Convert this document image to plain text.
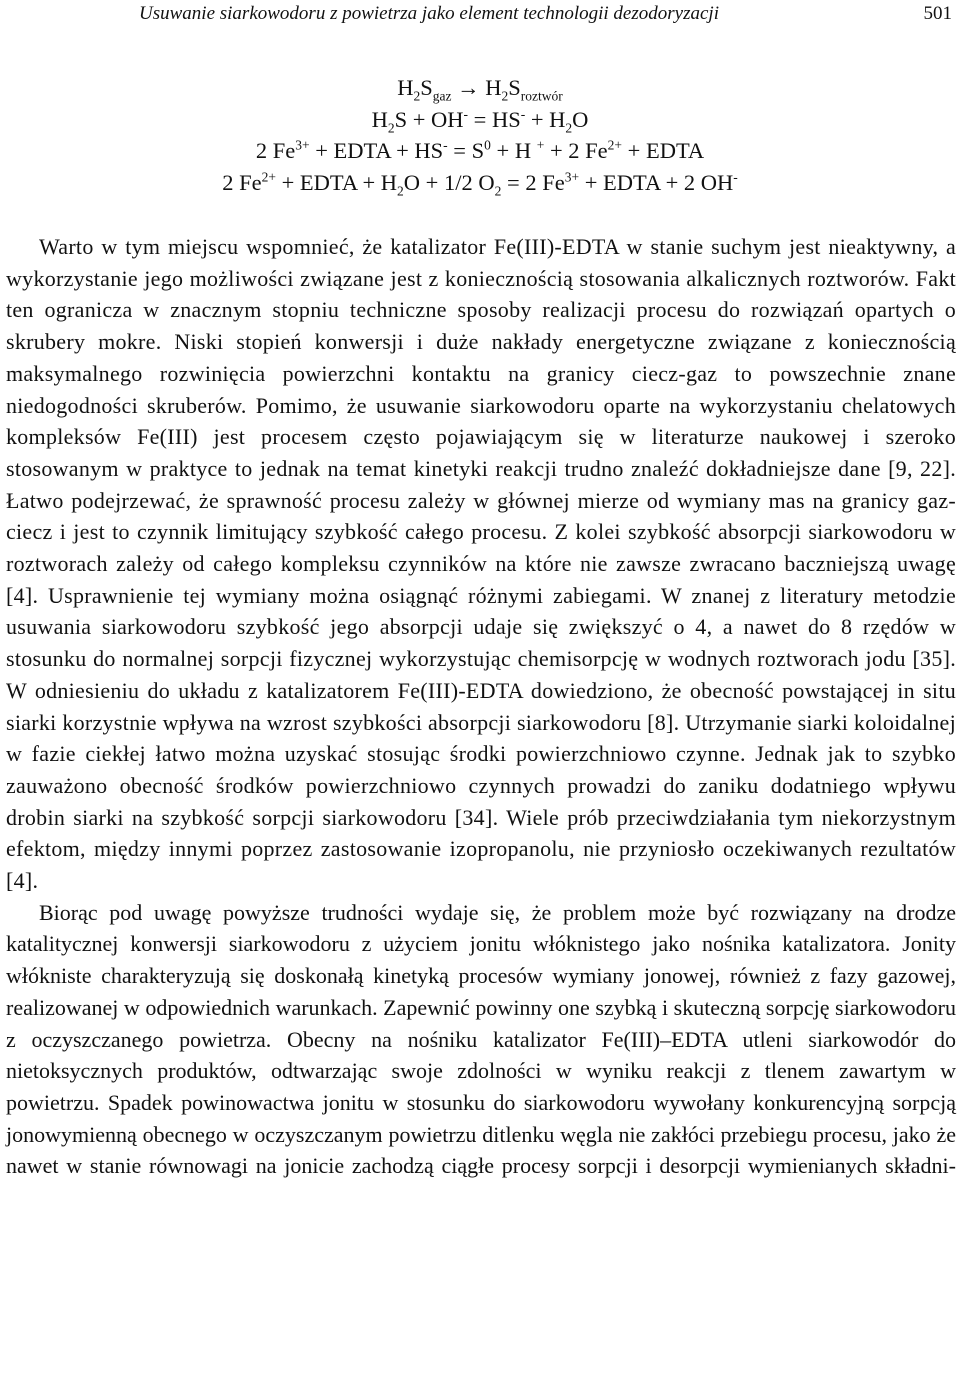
Usuwanie siarkowodoru z powietrza jako element technologii dezodoryzacji	501
$H_2S_{gaz} \to H_2S_{roztwór}$
$H_2S + OH^- = HS^- + H_2O$
2 $Fe^{3+}$ + EDTA + $HS^- = S^0 + H$ + + 2 $Fe^{2+}$ + EDTA
2 $Fe^{2+}$ + EDTA + $H_2O + 1/2$ $O_2 = 2$ $Fe^{3+}$ + EDTA + 2 OH-

Warto w tym miejscu wspomnieć, że katalizator Fe(III)-EDTA w stanie suchym jest nieaktywny, a wykorzystanie jego możliwości związane jest z koniecznością stosowania alkalicznych roztworów. Fakt ten ogranicza w znacznym stopniu techniczne sposoby realizacji procesu do rozwiązań opartych o skrubery mokre. Niski stopień konwersji i duże nakłady energetyczne związane z koniecznością maksymalnego rozwinięcia powierzchni kontaktu na granicy ciecz-gaz to powszechnie znane niedogodności skruberów. Pomimo, że usuwanie siarkowodoru oparte na wykorzystaniu chelatowych kompleksów Fe(III) jest procesem często pojawiającym się w literaturze naukowej i szeroko stosowanym w praktyce to jednak na temat kinetyki reakcji trudno znaleźć dokładniejsze dane [9, 22]. Łatwo podejrzewać, że sprawność procesu zależy w głównej mierze od wymiany mas na granicy gaz-ciecz i jest to czynnik limitujący szybkość całego procesu. Z kolei szybkość absorpcji siarkowodoru w roztworach zależy od całego kompleksu czynników na które nie zawsze zwracano baczniejszą uwagę [4]. Usprawnienie tej wymiany można osiągnąć różnymi zabiegami. W znanej z literatury metodzie usuwania siarkowodoru szybkość jego absorpcji udaje się zwiększyć o 4, a nawet do 8 rzędów w stosunku do normalnej sorpcji fizycznej wykorzystując chemisorpcję w wodnych roztworach jodu [35]. W odniesieniu do układu z katalizatorem Fe(III)-EDTA dowiedziono, że obecność powstającej in situ siarki korzystnie wpływa na wzrost szybkości absorpcji siarkowodoru [8]. Utrzymanie siarki koloidalnej w fazie ciekłej łatwo można uzyskać stosując środki powierzchniowo czynne. Jednak jak to szybko zauważono obecność środków powierzchniowo czynnych prowadzi do zaniku dodatniego wpływu drobin siarki na szybkość sorpcji siarkowodoru [34]. Wiele prób przeciwdziałania tym niekorzystnym efektom, między innymi poprzez zastosowanie izopropanolu, nie przyniosło oczekiwanych rezultatów [4].

Biorąc pod uwagę powyższe trudności wydaje się, że problem może być rozwiązany na drodze katalitycznej konwersji siarkowodoru z użyciem jonitu włóknistego jako nośnika katalizatora. Jonity włókniste charakteryzują się doskonałą kinetyką procesów wymiany jonowej, również z fazy gazowej, realizowanej w odpowiednich warunkach. Zapewnić powinny one szybką i skuteczną sorpcję siarkowodoru z oczyszczanego powietrza. Obecny na nośniku katalizator Fe(III)–EDTA utleni siarkowodór do nietoksycznych produktów, odtwarzając swoje zdolności w wyniku reakcji z tlenem zawartym w powietrzu. Spadek powinowactwa jonitu w stosunku do siarkowodoru wywołany konkurencyjną sorpcją jonowymienną obecnego w oczyszczanym powietrzu ditlenku węgla nie zakłóci przebiegu procesu, jako że nawet w stanie równowagi na jonicie zachodzą ciągłe procesy sorpcji i desorpcji wymienianych składni-
